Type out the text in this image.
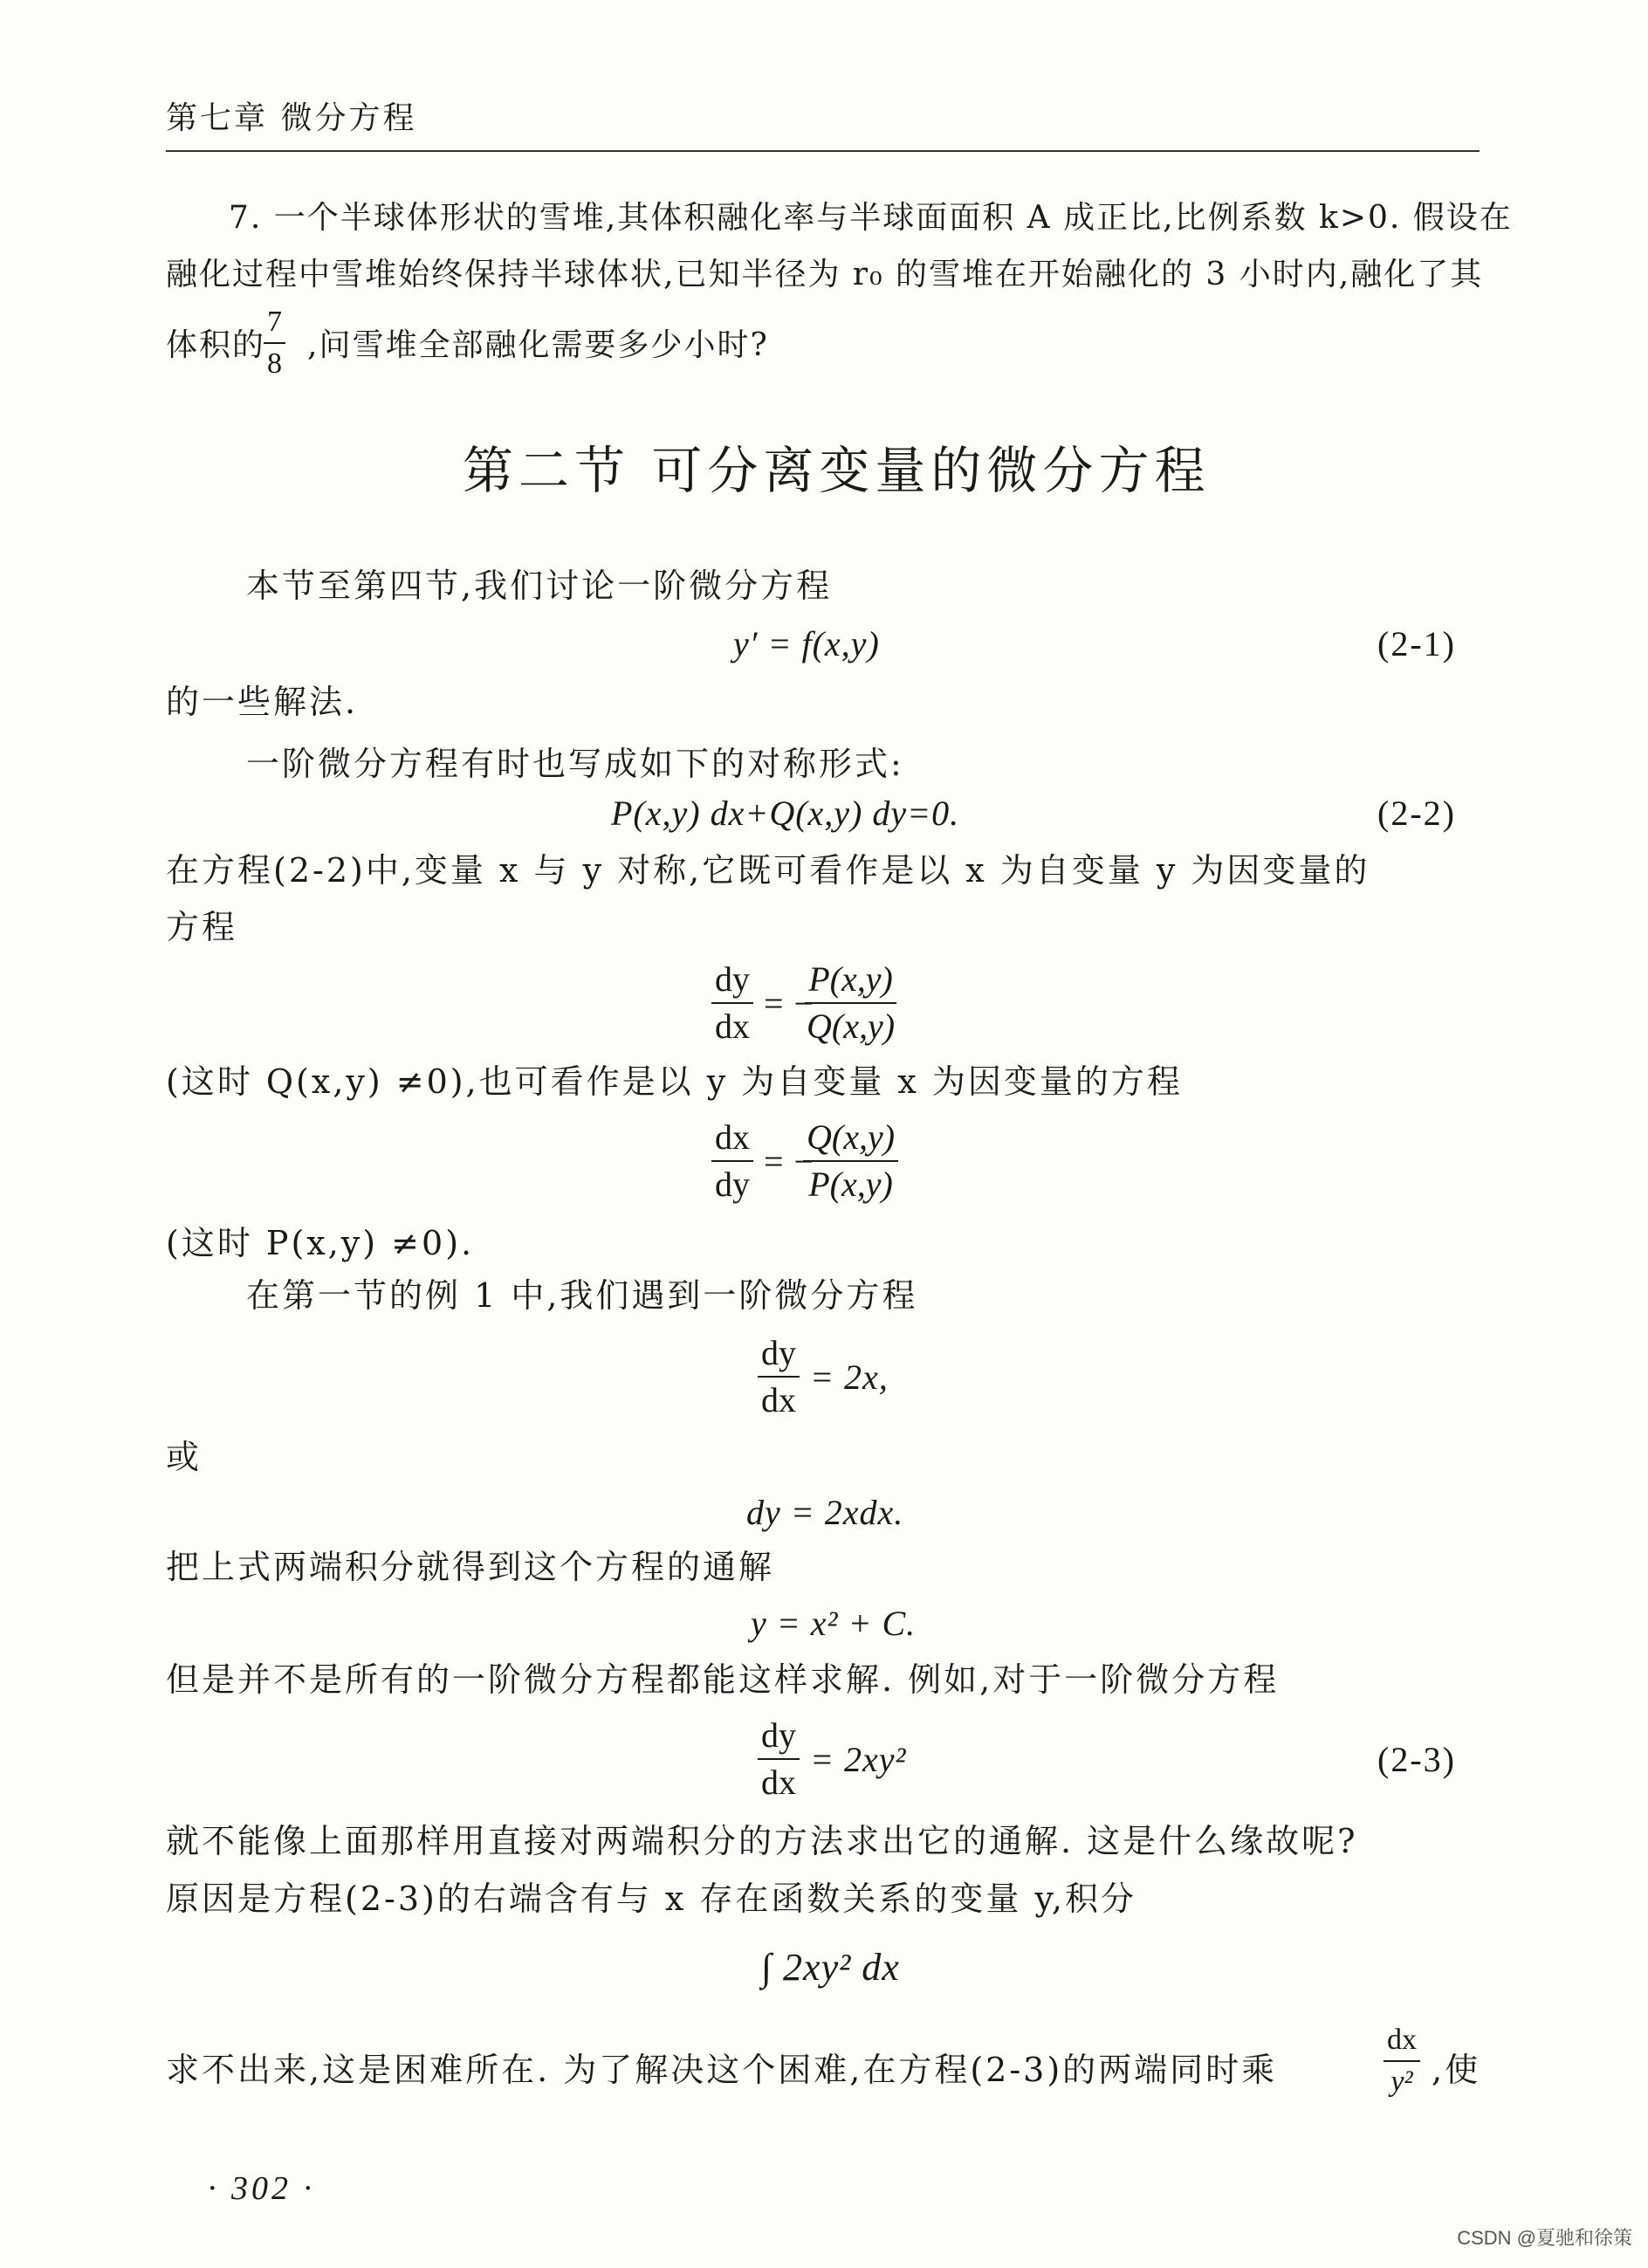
第七章 微分方程
7. 一个半球体形状的雪堆,其体积融化率与半球面面积 A 成正比,比例系数 k>0. 假设在
融化过程中雪堆始终保持半球体状,已知半径为 r₀ 的雪堆在开始融化的 3 小时内,融化了其
体积的
$\frac{7}{8}$ ,问雪堆全部融化需要多少小时?
第二节 可分离变量的微分方程
本节至第四节,我们讨论一阶微分方程
y′ = f(x,y)	(2-1)
的一些解法.
一阶微分方程有时也写成如下的对称形式:
P(x,y) dx+Q(x,y) dy=0.	(2-2)
在方程(2-2)中,变量 x 与 y 对称,它既可看作是以 x 为自变量 y 为因变量的
方程
$\frac{dy}{dx}$ = −
$\frac{P(x,y)}{Q(x,y)}$
(这时 Q(x,y) ≠0),也可看作是以 y 为自变量 x 为因变量的方程
$\frac{dx}{dy}$ = −
$\frac{Q(x,y)}{P(x,y)}$
(这时 P(x,y) ≠0).
在第一节的例 1 中,我们遇到一阶微分方程
$\frac{dy}{dx} = 2x$,
或
dy = 2xdx.
把上式两端积分就得到这个方程的通解
y = x² + C.
但是并不是所有的一阶微分方程都能这样求解. 例如,对于一阶微分方程
$\frac{dy}{dx} = 2xy^2$	(2-3)
就不能像上面那样用直接对两端积分的方法求出它的通解. 这是什么缘故呢?
原因是方程(2-3)的右端含有与 x 存在函数关系的变量 y,积分
∫ 2xy² dx
求不出来,这是困难所在. 为了解决这个困难,在方程(2-3)的两端同时乘	$\frac{dx}{\text{y²}}$ ,使
· 302 ·
CSDN @夏驰和徐策
